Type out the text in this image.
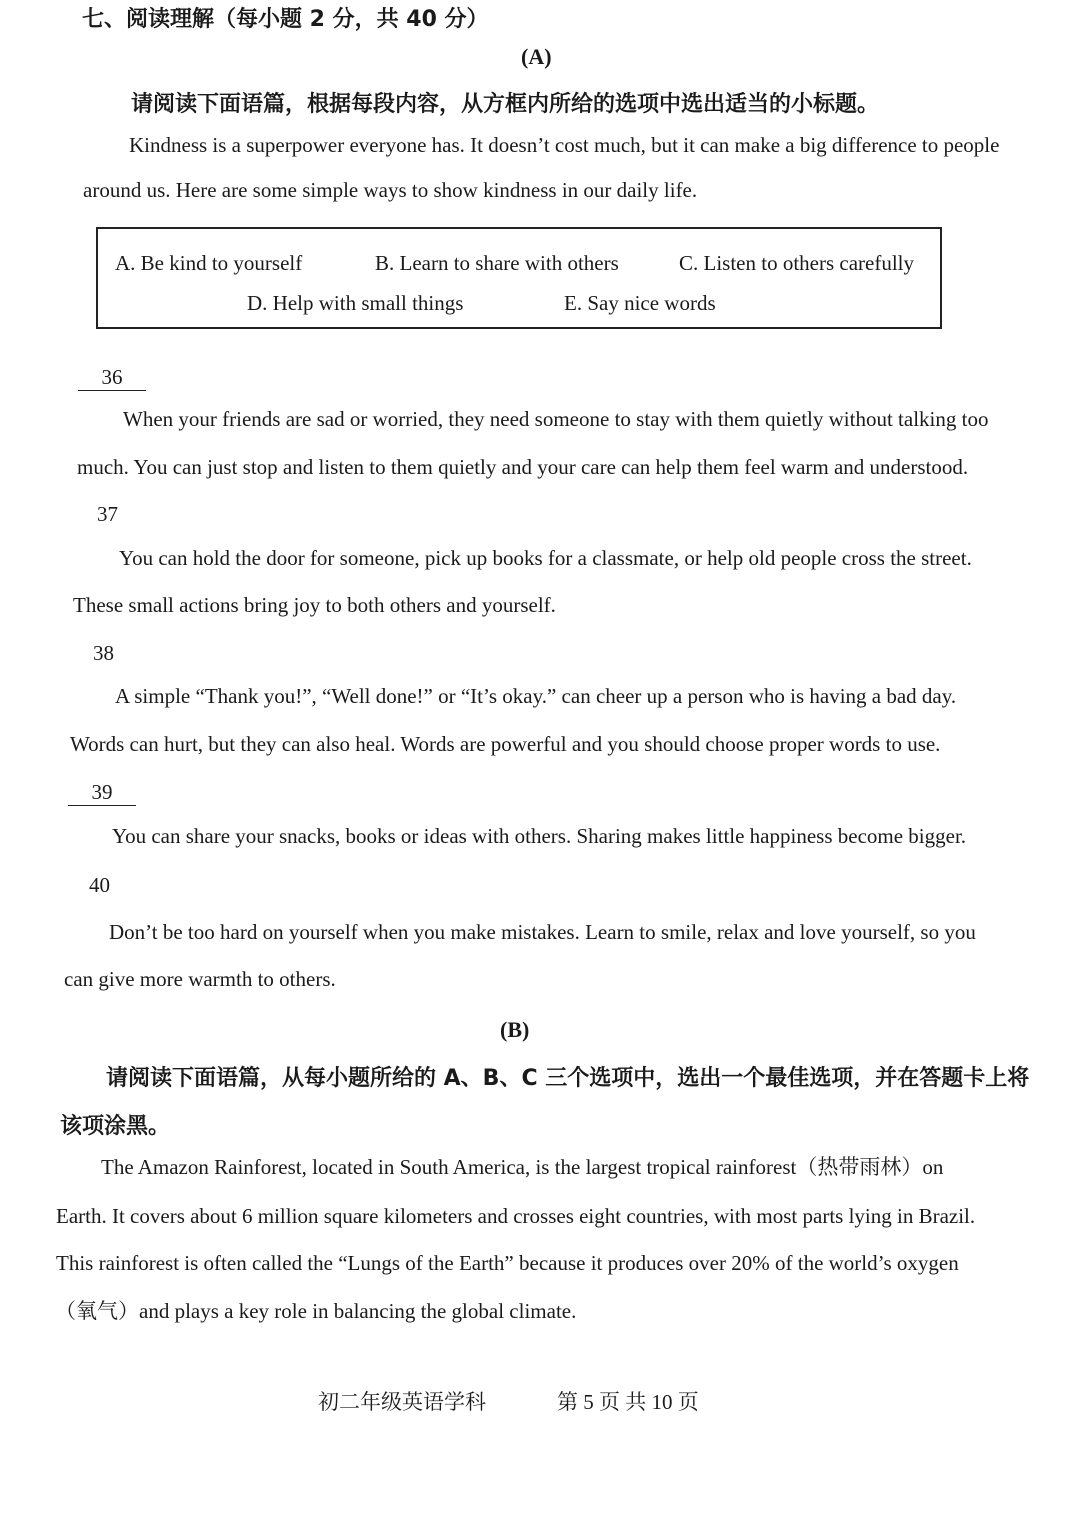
七、阅读理解（每小题 2 分，共 40 分）
(A)
请阅读下面语篇，根据每段内容，从方框内所给的选项中选出适当的小标题。
Kindness is a superpower everyone has. It doesn’t cost much, but it can make a big difference to people
around us. Here are some simple ways to show kindness in our daily life.
A. Be kind to yourself	B. Learn to share with others	C. Listen to others carefully
D. Help with small things	E. Say nice words
36
When your friends are sad or worried, they need someone to stay with them quietly without talking too
much. You can just stop and listen to them quietly and your care can help them feel warm and understood.
37
You can hold the door for someone, pick up books for a classmate, or help old people cross the street.
These small actions bring joy to both others and yourself.
38
A simple “Thank you!”, “Well done!” or “It’s okay.” can cheer up a person who is having a bad day.
Words can hurt, but they can also heal. Words are powerful and you should choose proper words to use.
39
You can share your snacks, books or ideas with others. Sharing makes little happiness become bigger.
40
Don’t be too hard on yourself when you make mistakes. Learn to smile, relax and love yourself, so you
can give more warmth to others.
(B)
请阅读下面语篇，从每小题所给的 A、B、C 三个选项中，选出一个最佳选项，并在答题卡上将
该项涂黑。
The Amazon Rainforest, located in South America, is the largest tropical rainforest（热带雨林）on
Earth. It covers about 6 million square kilometers and crosses eight countries, with most parts lying in Brazil.
This rainforest is often called the “Lungs of the Earth” because it produces over 20% of the world’s oxygen
（氧气）and plays a key role in balancing the global climate.
初二年级英语学科	第 5 页 共 10 页
